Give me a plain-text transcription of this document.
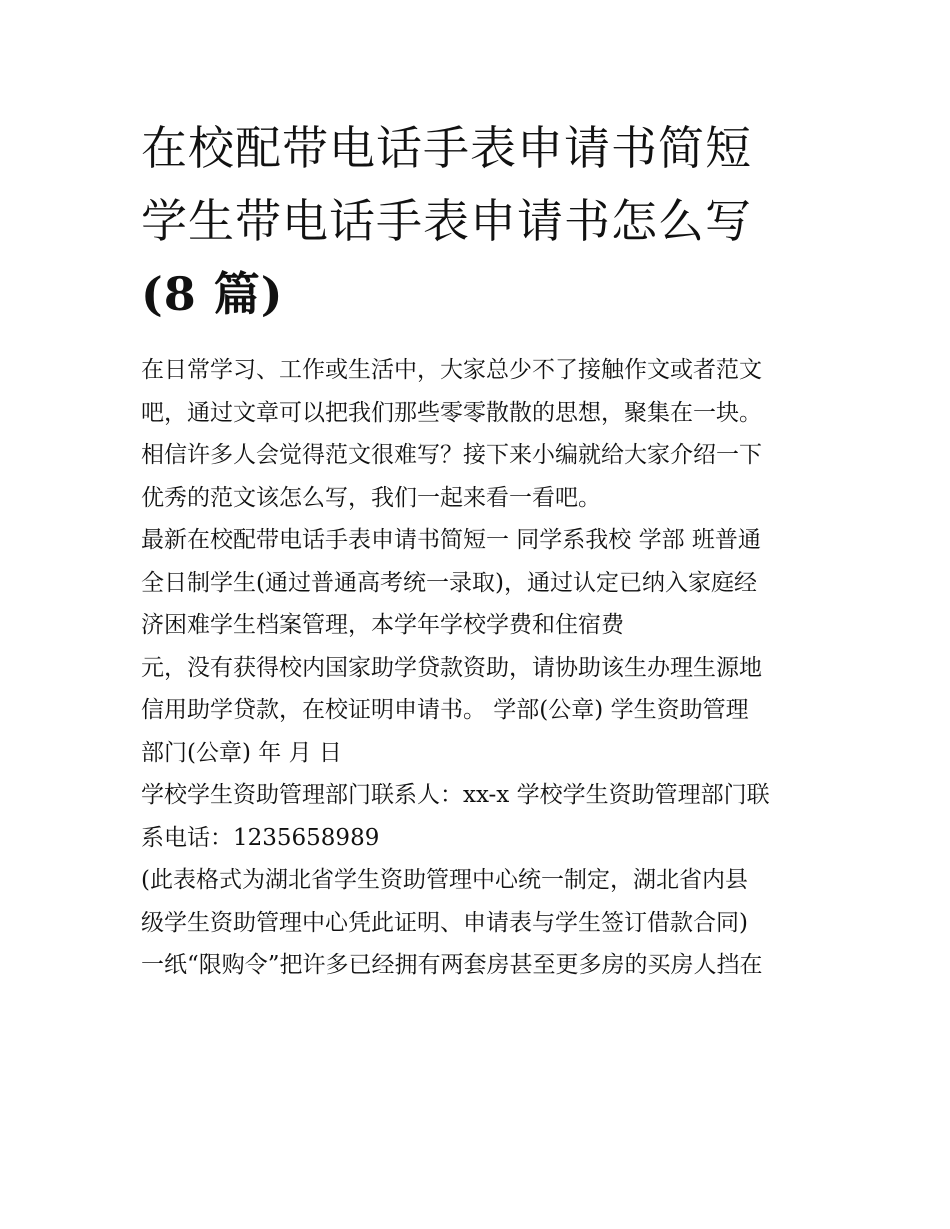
在校配带电话手表申请书简短
学生带电话手表申请书怎么写
(8 篇)

在日常学习、工作或生活中，大家总少不了接触作文或者范文
吧，通过文章可以把我们那些零零散散的思想，聚集在一块。
相信许多人会觉得范文很难写？接下来小编就给大家介绍一下
优秀的范文该怎么写，我们一起来看一看吧。

最新在校配带电话手表申请书简短一 同学系我校 学部 班普通
全日制学生(通过普通高考统一录取)，通过认定已纳入家庭经
济困难学生档案管理，本学年学校学费和住宿费

元，没有获得校内国家助学贷款资助，请协助该生办理生源地
信用助学贷款，在校证明申请书。 学部(公章) 学生资助管理
部门(公章) 年 月 日

学校学生资助管理部门联系人：xx-x 学校学生资助管理部门联
系电话：1235658989

(此表格式为湖北省学生资助管理中心统一制定，湖北省内县
级学生资助管理中心凭此证明、申请表与学生签订借款合同)

一纸“限购令”把许多已经拥有两套房甚至更多房的买房人挡在
